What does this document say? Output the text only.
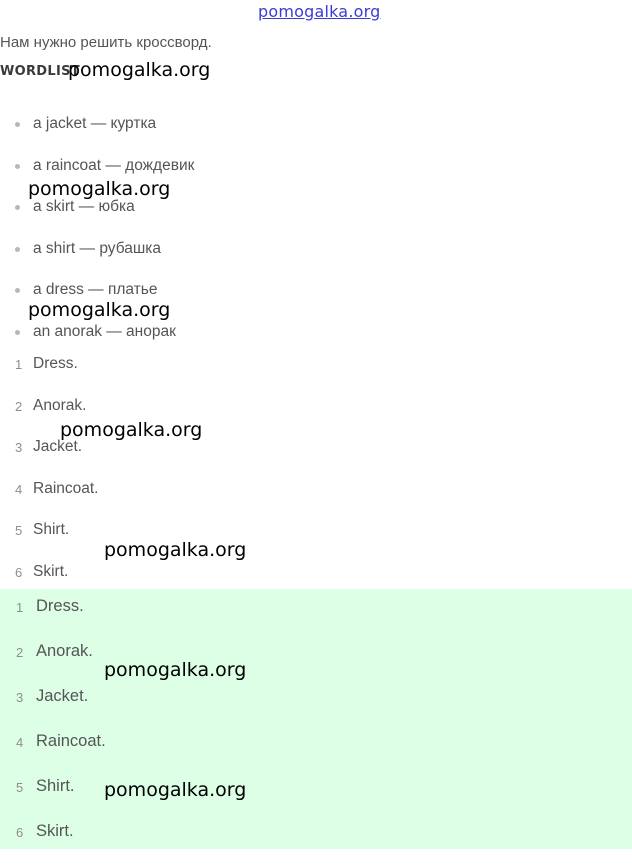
pomogalka.org
Нам нужно решить кроссворд.
WORDLIST
a jacket — куртка
a raincoat — дождевик
a skirt — юбка
a shirt — рубашка
a dress — платье
an anorak — анорак
1 Dress.
2 Anorak.
3 Jacket.
4 Raincoat.
5 Shirt.
6 Skirt.
1 Dress.
2 Anorak.
3 Jacket.
4 Raincoat.
5 Shirt.
6 Skirt.
pomogalka.org
pomogalka.org
pomogalka.org
pomogalka.org
pomogalka.org
pomogalka.org
pomogalka.org
